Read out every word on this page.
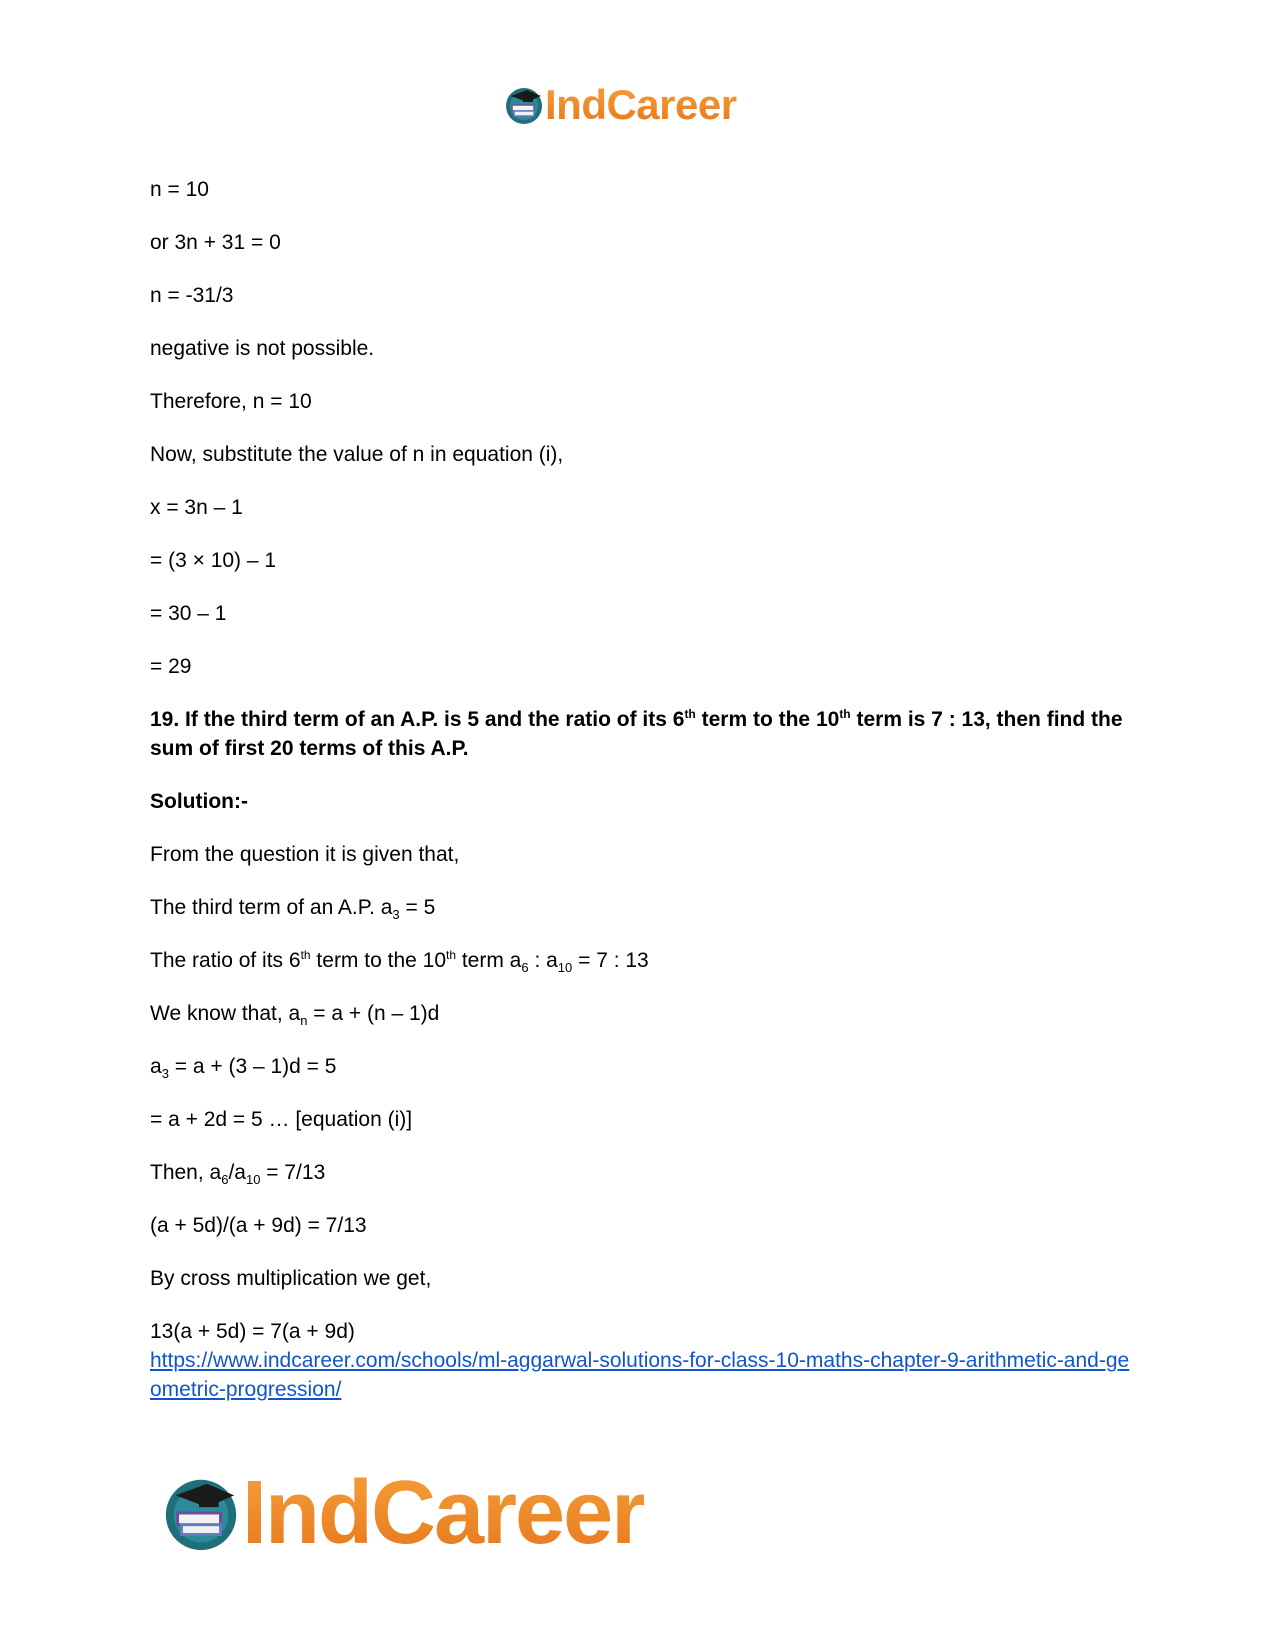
IndCareer
n = 10
or 3n + 31 = 0
n = -31/3
negative is not possible.
Therefore, n = 10
Now, substitute the value of n in equation (i),
x = 3n – 1
= (3 × 10) – 1
= 30 – 1
= 29
19. If the third term of an A.P. is 5 and the ratio of its 6th term to the 10th term is 7 : 13, then find the sum of first 20 terms of this A.P.
Solution:-
From the question it is given that,
The third term of an A.P. $a_3 = 5$
The ratio of its 6th term to the 10th term $a_6$ : $a_{10} = 7$ : 13
We know that, $a_n = a + (n - 1)d$
$a_3 = a + (3 - 1)d = 5$
= a + 2d = 5 … [equation (i)]
Then, $a_6/a_{10} = 7/13$
(a + 5d)/(a + 9d) = 7/13
By cross multiplication we get,
13(a + 5d) = 7(a + 9d)
https://www.indcareer.com/schools/ml-aggarwal-solutions-for-class-10-maths-chapter-9-arithmetic-and-geometric-progression/
IndCareer
